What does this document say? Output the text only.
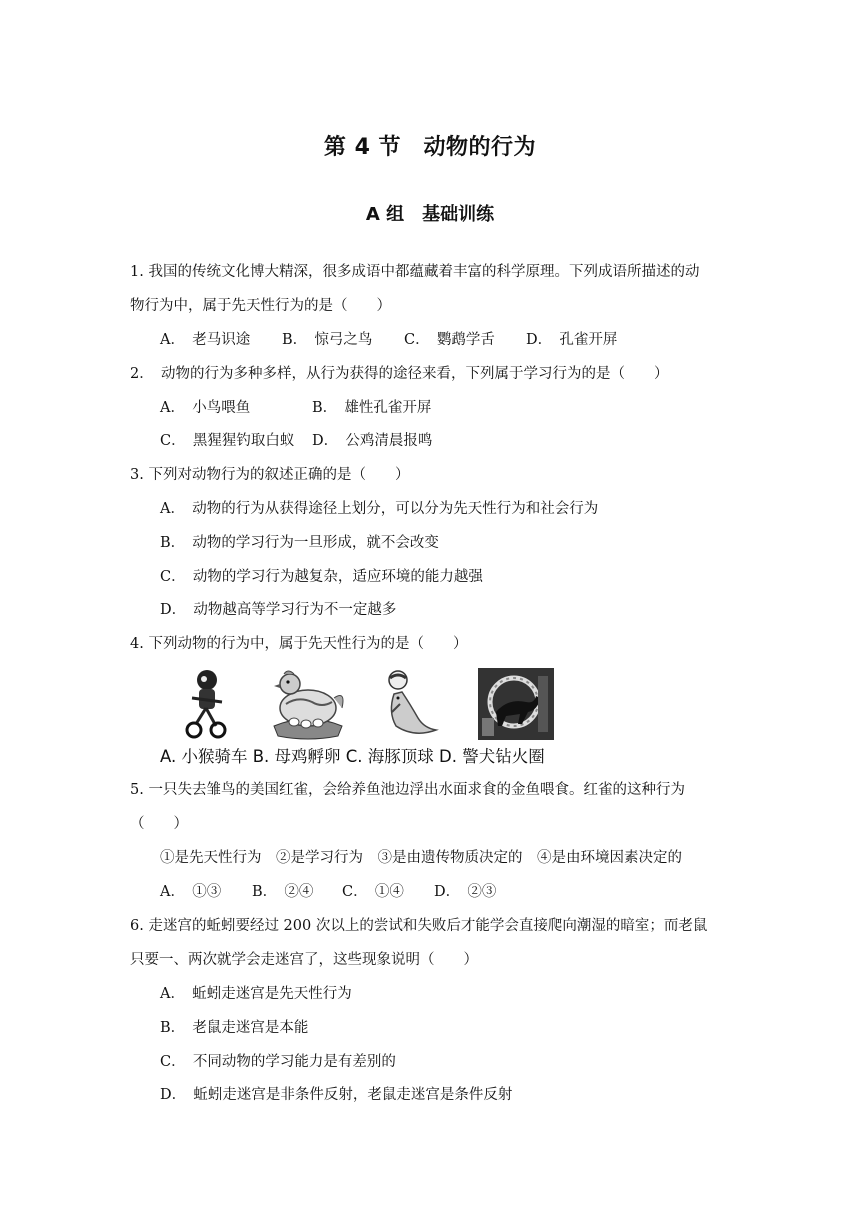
第 4 节　动物的行为
A 组　基础训练
1. 我国的传统文化博大精深，很多成语中都蕴藏着丰富的科学原理。下列成语所描述的动
物行为中，属于先天性行为的是（　　）
A．　老马识途 B．　惊弓之鸟 C．　鹦鹉学舌 D．　孔雀开屏
2．　动物的行为多种多样，从行为获得的途径来看，下列属于学习行为的是（　　）
A．　小鸟喂鱼	B．　雄性孔雀开屏
C．　黑猩猩钓取白蚁 D．　公鸡清晨报鸣
3. 下列对动物行为的叙述正确的是（　　）
A．　动物的行为从获得途径上划分，可以分为先天性行为和社会行为
B．　动物的学习行为一旦形成，就不会改变
C．　动物的学习行为越复杂，适应环境的能力越强
D．　动物越高等学习行为不一定越多
4. 下列动物的行为中，属于先天性行为的是（　　）
A. 小猴骑车 B. 母鸡孵卵 C. 海豚顶球 D. 警犬钻火圈
5. 一只失去雏鸟的美国红雀，会给养鱼池边浮出水面求食的金鱼喂食。红雀的这种行为
（　　）
①是先天性行为　②是学习行为　③是由遗传物质决定的　④是由环境因素决定的
A．　①③ B．　②④ C．　①④ D．　②③
6. 走迷宫的蚯蚓要经过 200 次以上的尝试和失败后才能学会直接爬向潮湿的暗室；而老鼠
只要一、两次就学会走迷宫了，这些现象说明（　　）
A．　蚯蚓走迷宫是先天性行为
B．　老鼠走迷宫是本能
C．　不同动物的学习能力是有差别的
D．　蚯蚓走迷宫是非条件反射，老鼠走迷宫是条件反射
